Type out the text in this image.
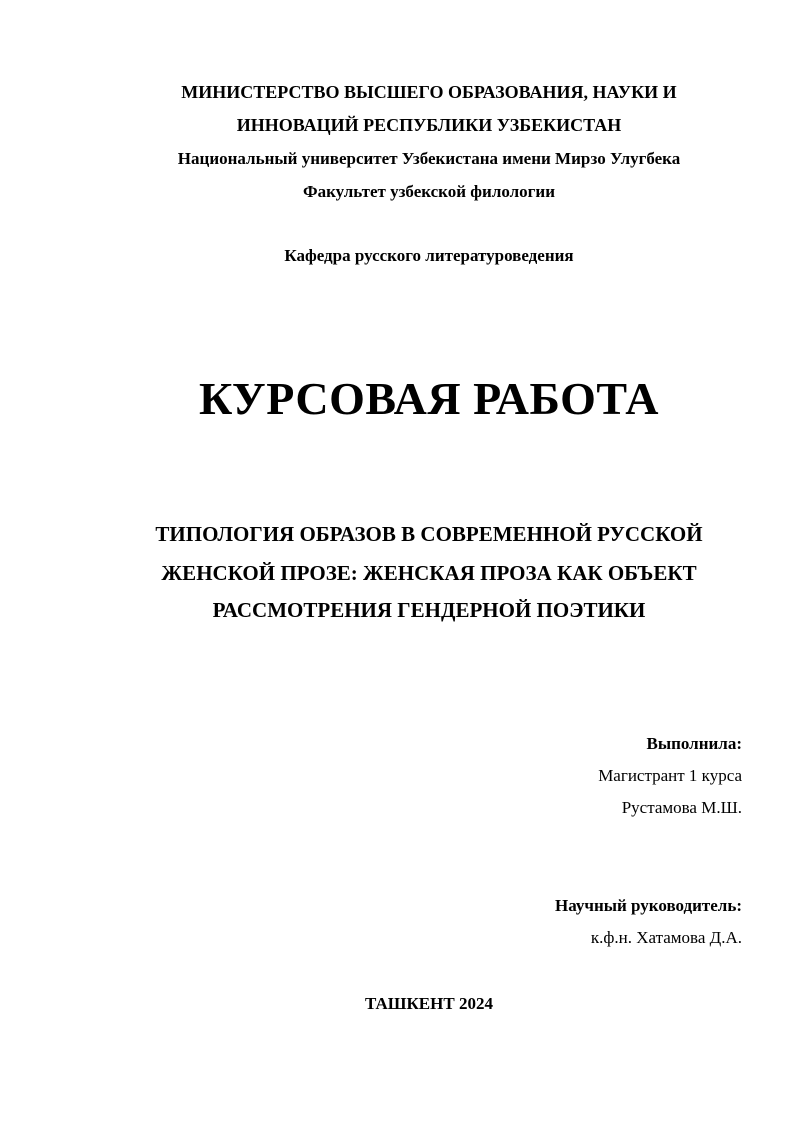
МИНИСТЕРСТВО ВЫСШЕГО ОБРАЗОВАНИЯ, НАУКИ И
ИННОВАЦИЙ РЕСПУБЛИКИ УЗБЕКИСТАН
Национальный университет Узбекистана имени Мирзо Улугбека
Факультет узбекской филологии
Кафедра русского литературоведения
КУРСОВАЯ РАБОТА
ТИПОЛОГИЯ ОБРАЗОВ В СОВРЕМЕННОЙ РУССКОЙ
ЖЕНСКОЙ ПРОЗЕ: ЖЕНСКАЯ ПРОЗА КАК ОБЪЕКТ
РАССМОТРЕНИЯ ГЕНДЕРНОЙ ПОЭТИКИ
Выполнила:
Магистрант 1 курса
Рустамова М.Ш.
Научный руководитель:
к.ф.н. Хатамова Д.А.
ТАШКЕНТ 2024
